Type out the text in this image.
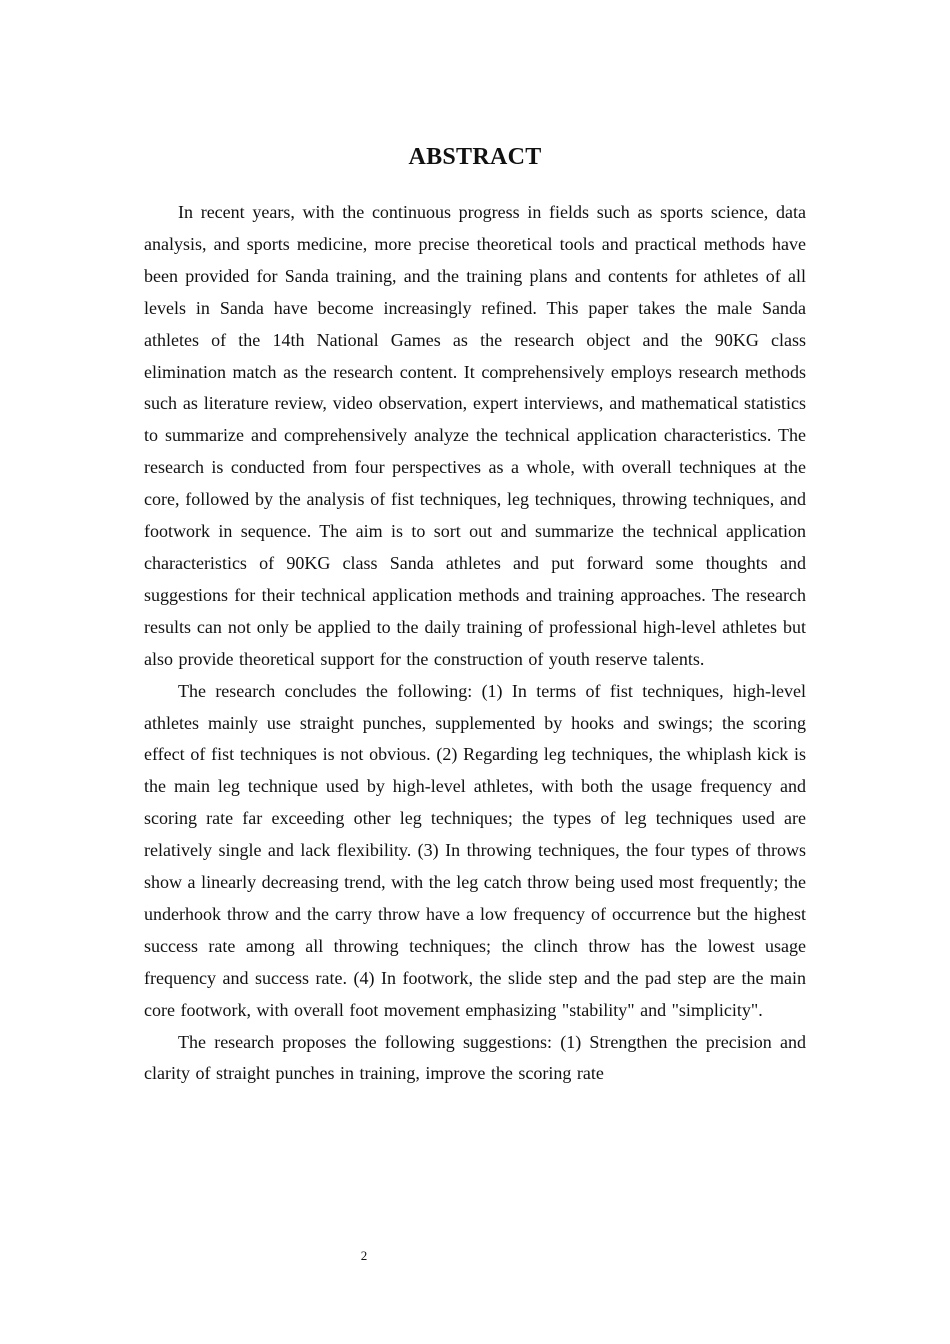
ABSTRACT

In recent years, with the continuous progress in fields such as sports science, data analysis, and sports medicine, more precise theoretical tools and practical methods have been provided for Sanda training, and the training plans and contents for athletes of all levels in Sanda have become increasingly refined. This paper takes the male Sanda athletes of the 14th National Games as the research object and the 90KG class elimination match as the research content. It comprehensively employs research methods such as literature review, video observation, expert interviews, and mathematical statistics to summarize and comprehensively analyze the technical application characteristics. The research is conducted from four perspectives as a whole, with overall techniques at the core, followed by the analysis of fist techniques, leg techniques, throwing techniques, and footwork in sequence. The aim is to sort out and summarize the technical application characteristics of 90KG class Sanda athletes and put forward some thoughts and suggestions for their technical application methods and training approaches. The research results can not only be applied to the daily training of professional high-level athletes but also provide theoretical support for the construction of youth reserve talents.

The research concludes the following: (1) In terms of fist techniques, high-level athletes mainly use straight punches, supplemented by hooks and swings; the scoring effect of fist techniques is not obvious. (2) Regarding leg techniques, the whiplash kick is the main leg technique used by high-level athletes, with both the usage frequency and scoring rate far exceeding other leg techniques; the types of leg techniques used are relatively single and lack flexibility. (3) In throwing techniques, the four types of throws show a linearly decreasing trend, with the leg catch throw being used most frequently; the underhook throw and the carry throw have a low frequency of occurrence but the highest success rate among all throwing techniques; the clinch throw has the lowest usage frequency and success rate. (4) In footwork, the slide step and the pad step are the main core footwork, with overall foot movement emphasizing "stability" and "simplicity".

The research proposes the following suggestions: (1) Strengthen the precision and clarity of straight punches in training, improve the scoring rate

2
